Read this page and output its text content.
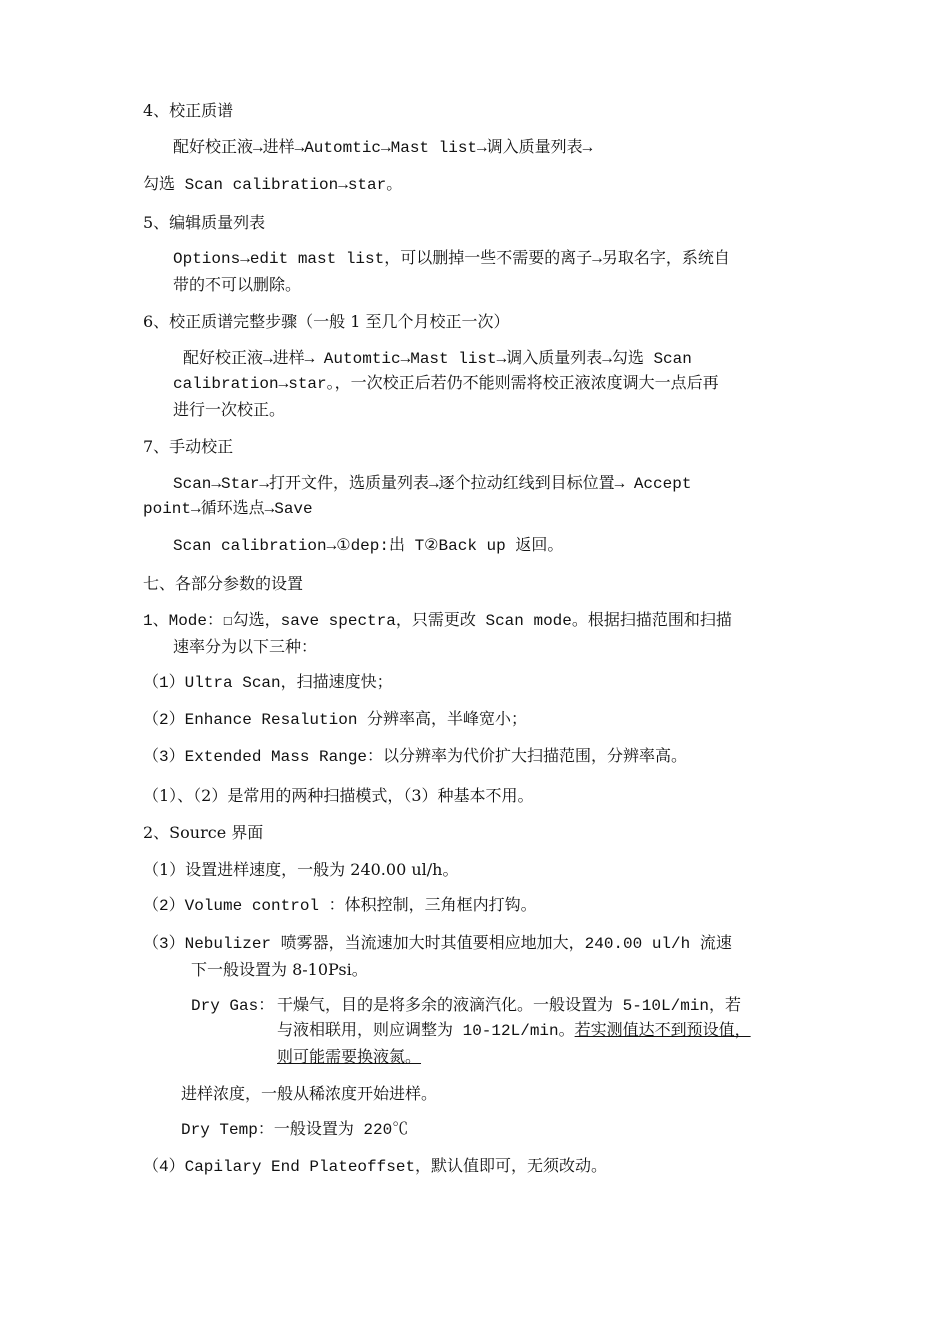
4、校正质谱
配好校正液→进样→Automtic→Mast list→调入质量列表→
勾选 Scan calibration→star。
5、编辑质量列表
Options→edit mast list，可以删掉一些不需要的离子→另取名字，系统自
带的不可以删除。
6、校正质谱完整步骤（一般 1 至几个月校正一次）
配好校正液→进样→ Automtic→Mast list→调入质量列表→勾选 Scan
calibration→star。，一次校正后若仍不能则需将校正液浓度调大一点后再
进行一次校正。
7、手动校正
Scan→Star→打开文件，选质量列表→逐个拉动红线到目标位置→ Accept
point→循环选点→Save
Scan calibration→①dep:出 T②Back up 返回。
七、各部分参数的设置
1、Mode：☐勾选，save spectra，只需更改 Scan mode。根据扫描范围和扫描
速率分为以下三种：
（1）Ultra Scan，扫描速度快；
（2）Enhance Resalution 分辨率高，半峰宽小；
（3）Extended Mass Range：以分辨率为代价扩大扫描范围，分辨率高。
（1）、（2）是常用的两种扫描模式，（3）种基本不用。
2、Source 界面
（1）设置进样速度，一般为 240.00 ul/h。
（2）Volume control ：体积控制，三角框内打钩。
（3）Nebulizer 喷雾器，当流速加大时其值要相应地加大，240.00 ul/h 流速
下一般设置为 8-10Psi。
Dry Gas： 干燥气，目的是将多余的液滴汽化。一般设置为 5-10L/min，若
与液相联用，则应调整为 10-12L/min。若实测值达不到预设值，
则可能需要换液氮。
进样浓度，一般从稀浓度开始进样。
Dry Temp：一般设置为 220℃
（4）Capilary End Plateoffset，默认值即可，无须改动。
